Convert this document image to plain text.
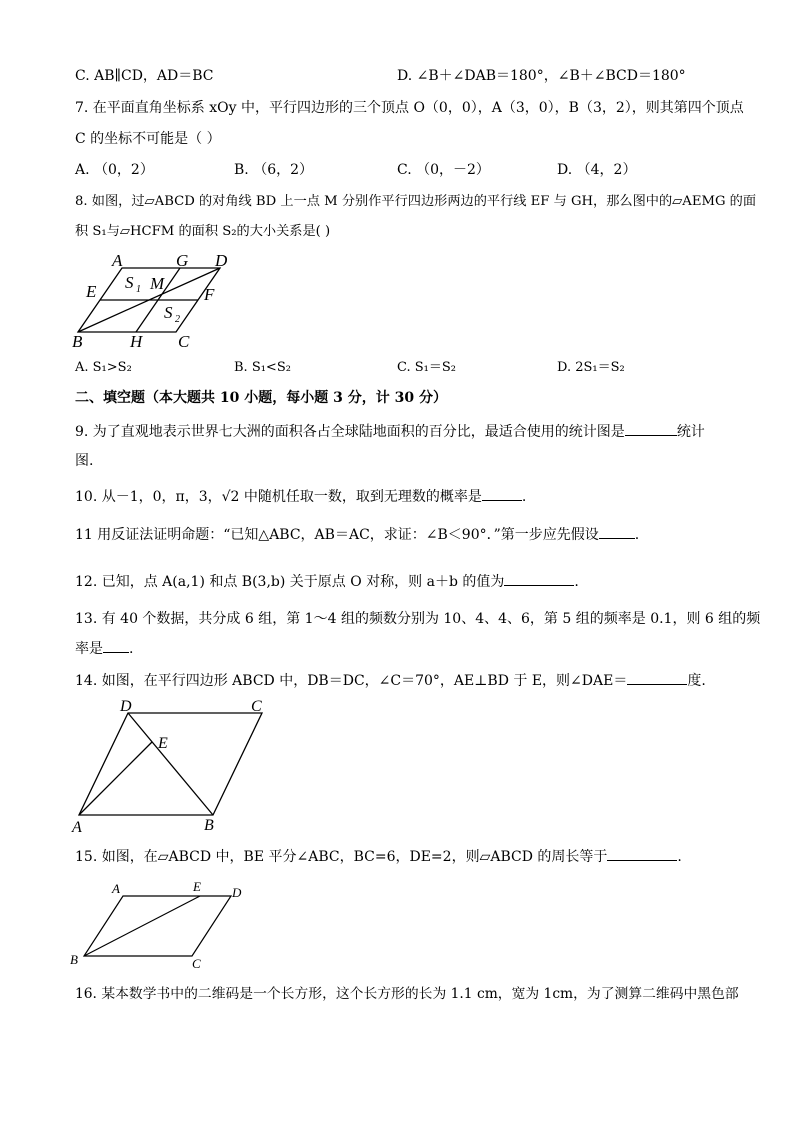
C. AB∥CD，AD＝BC	D. ∠B＋∠DAB＝180°，∠B＋∠BCD＝180°
7. 在平面直角坐标系 xOy 中，平行四边形的三个顶点 O（0，0），A（3，0），B（3，2），则其第四个顶点
C 的坐标不可能是（ ）
A. （0，2）	B. （6，2）	C. （0，－2）	D. （4，2）
8. 如图，过▱ABCD 的对角线 BD 上一点 M 分别作平行四边形两边的平行线 EF 与 GH，那么图中的▱AEMG 的面
积 S₁与▱HCFM 的面积 S₂的大小关系是( )
A	G D
E S 1 M
F
S 2
B	H C
A. S₁>S₂	B. S₁<S₂	C. S₁＝S₂	D. 2S₁＝S₂
二、填空题（本大题共 10 小题，每小题 3 分，计 30 分）
9. 为了直观地表示世界七大洲的面积各占全球陆地面积的百分比，最适合使用的统计图是	统计
图.
10. 从－1，0，π，3，√2 中随机任取一数，取到无理数的概率是	.
11 用反证法证明命题：“已知△ABC，AB＝AC，求证：∠B＜90°．”第一步应先假设	.
12. 已知，点 A(a,1) 和点 B(3,b) 关于原点 O 对称，则 a＋b 的值为	.
13. 有 40 个数据，共分成 6 组，第 1～4 组的频数分别为 10、4、4、6，第 5 组的频率是 0.1，则 6 组的频
率是 .
14. 如图，在平行四边形 ABCD 中，DB＝DC，∠C＝70°，AE⊥BD 于 E，则∠DAE＝	度.
D	C
E
A	B
15. 如图，在▱ABCD 中，BE 平分∠ABC，BC=6，DE=2，则▱ABCD 的周长等于	.
A	E D
B	C
16. 某本数学书中的二维码是一个长方形，这个长方形的长为 1.1 cm，宽为 1cm，为了测算二维码中黑色部
